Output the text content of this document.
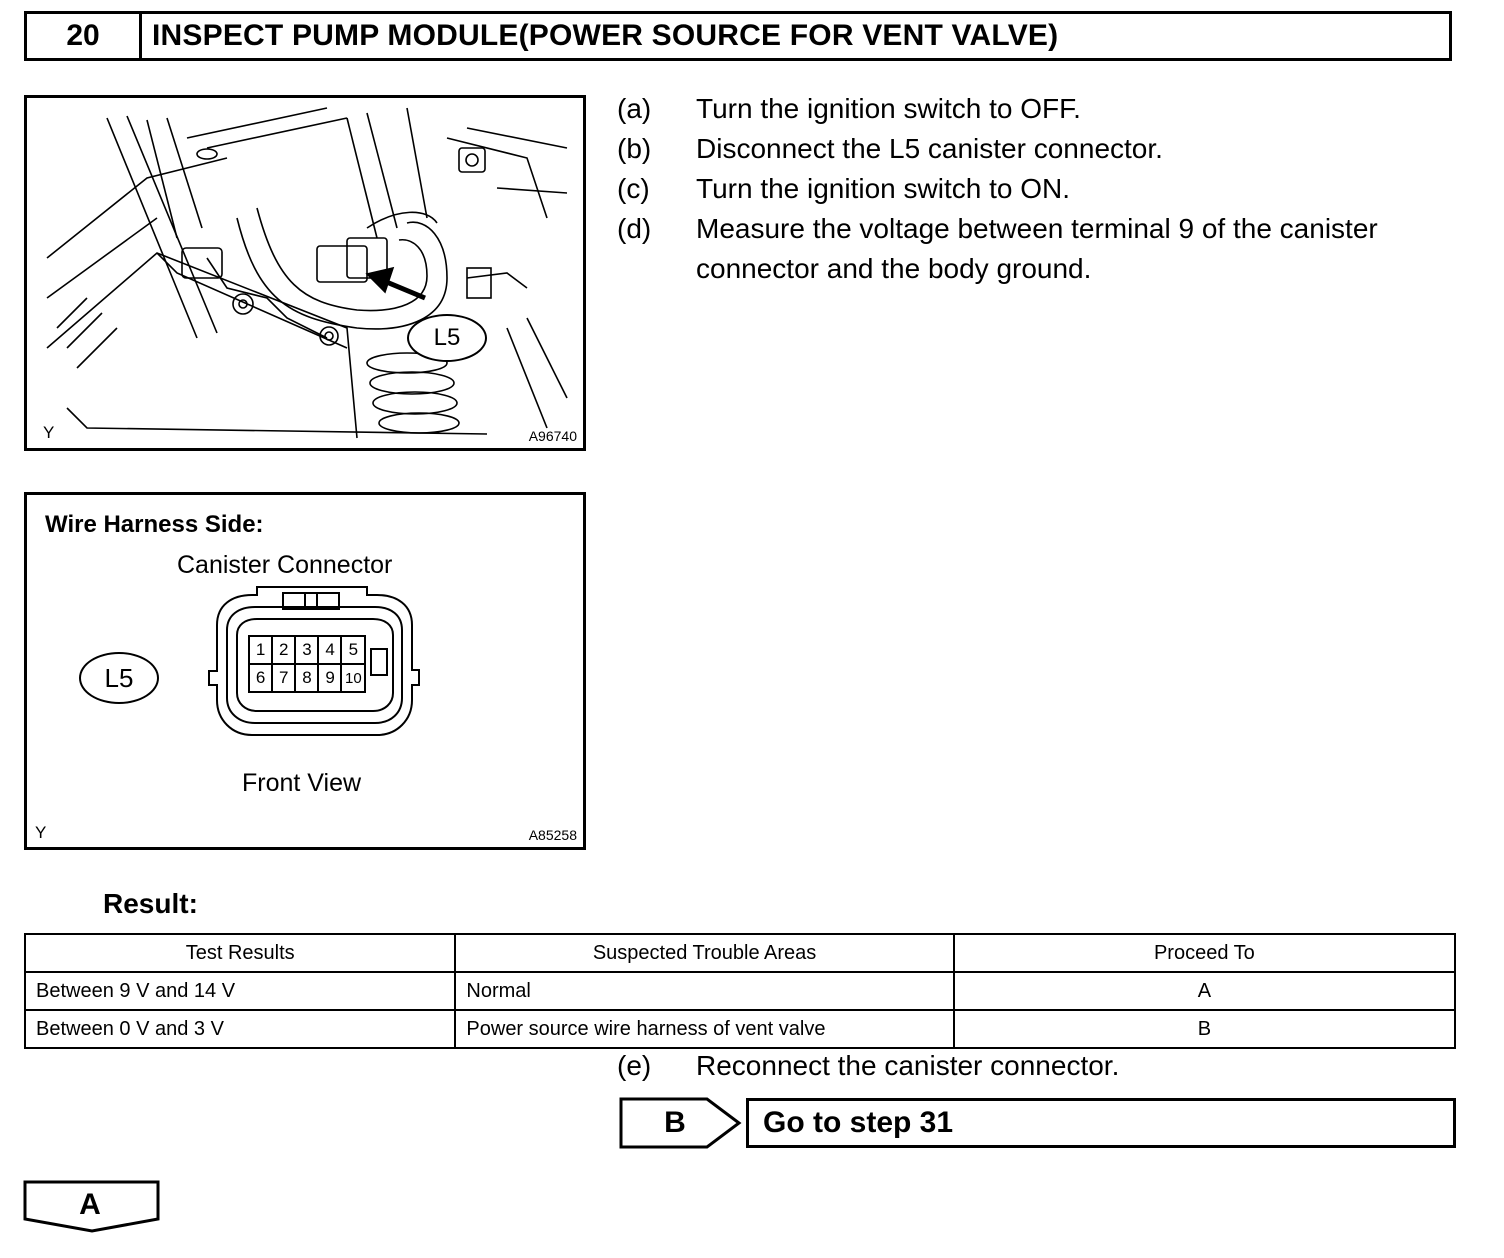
20	INSPECT PUMP MODULE(POWER SOURCE FOR VENT VALVE)
L5
Y	A96740
Wire Harness Side:
Canister Connector
L5
1 2 3 4 5
6 7 8 9 10
Front View
Y	A85258
(a)	Turn the ignition switch to OFF.
(b)	Disconnect the L5 canister connector.
(c)	Turn the ignition switch to ON.
(d)	Measure the voltage between terminal 9 of the canister connector and the body ground.
Result:
Test Results	Suspected Trouble Areas	Proceed To
Between 9 V and 14 V	Normal	A
Between 0 V and 3 V	Power source wire harness of vent valve	B
(e)	Reconnect the canister connector.
B	Go to step 31
A
